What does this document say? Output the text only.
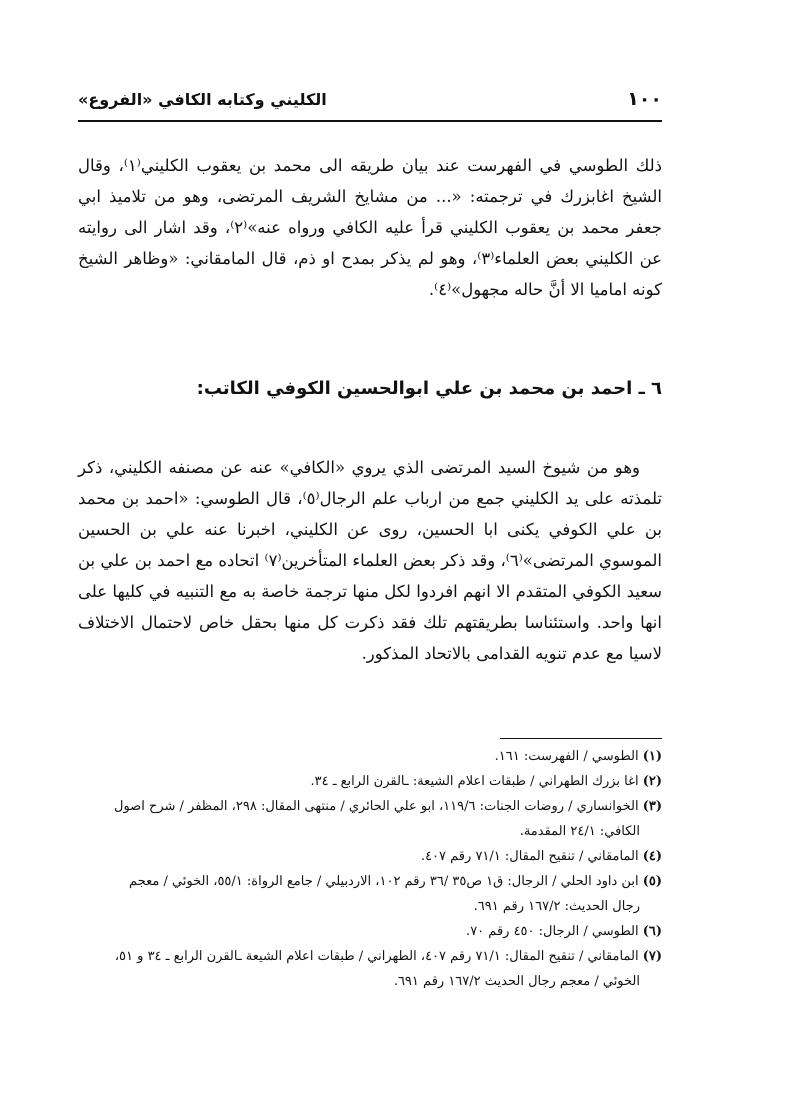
١٠٠
الكليني وكتابه الكافي «الفروع»

ذلك الطوسي في الفهرست عند بيان طريقه الى محمد بن يعقوب الكليني⁽١⁾، وقال الشيخ اغابزرك في ترجمته: «... من مشايخ الشريف المرتضى، وهو من تلاميذ ابي جعفر محمد بن يعقوب الكليني قرأ عليه الكافي ورواه عنه»⁽٢⁾، وقد اشار الى روايته عن الكليني بعض العلماء⁽٣⁾، وهو لم يذكر بمدح او ذم، قال المامقاني: «وظاهر الشيخ كونه اماميا الا أنَّ حاله مجهول»⁽٤⁾.

٦ ـ احمد بن محمد بن علي ابوالحسين الكوفي الكاتب:

وهو من شيوخ السيد المرتضى الذي يروي «الكافي» عنه عن مصنفه الكليني، ذكر تلمذته على يد الكليني جمع من ارباب علم الرجال⁽٥⁾، قال الطوسي: «احمد بن محمد بن علي الكوفي يكنى ابا الحسين، روى عن الكليني، اخبرنا عنه علي بن الحسين الموسوي المرتضى»⁽٦⁾، وقد ذكر بعض العلماء المتأخرين⁽٧⁾ اتحاده مع احمد بن علي بن سعيد الكوفي المتقدم الا انهم افردوا لكل منها ترجمة خاصة به مع التنبيه في كليها على انها واحد. واستئناسا بطريقتهم تلك فقد ذكرت كل منها بحقل خاص لاحتمال الاختلاف لاسيا مع عدم تنويه القدامى بالاتحاد المذكور.

(١) الطوسي / الفهرست: ١٦١.
(٢) اغا بزرك الطهراني / طبقات اعلام الشيعة: ـالقرن الرابع ـ ٣٤.
(٣) الخوانساري / روضات الجنات: ١١٩/٦، ابو علي الحائري / منتهى المقال: ٢٩٨، المظفر / شرح اصول
الكافي: ٢٤/١ المقدمة.
(٤) المامقاني / تنقيح المقال: ٧١/١ رقم ٤٠٧.
(٥) ابن داود الحلي / الرجال: ق١ ص٣٥ /٣٦ رقم ١٠٢، الاردبيلي / جامع الرواة: ٥٥/١، الخوئي / معجم
رجال الحديث: ١٦٧/٢ رقم ٦٩١.
(٦) الطوسي / الرجال: ٤٥٠ رقم ٧٠.
(٧) المامقاني / تنقيح المقال: ٧١/١ رقم ٤٠٧، الطهراني / طبقات اعلام الشيعة ـالقرن الرابع ـ ٣٤ و ٥١،
الخوئي / معجم رجال الحديث ١٦٧/٢ رقم ٦٩١.
